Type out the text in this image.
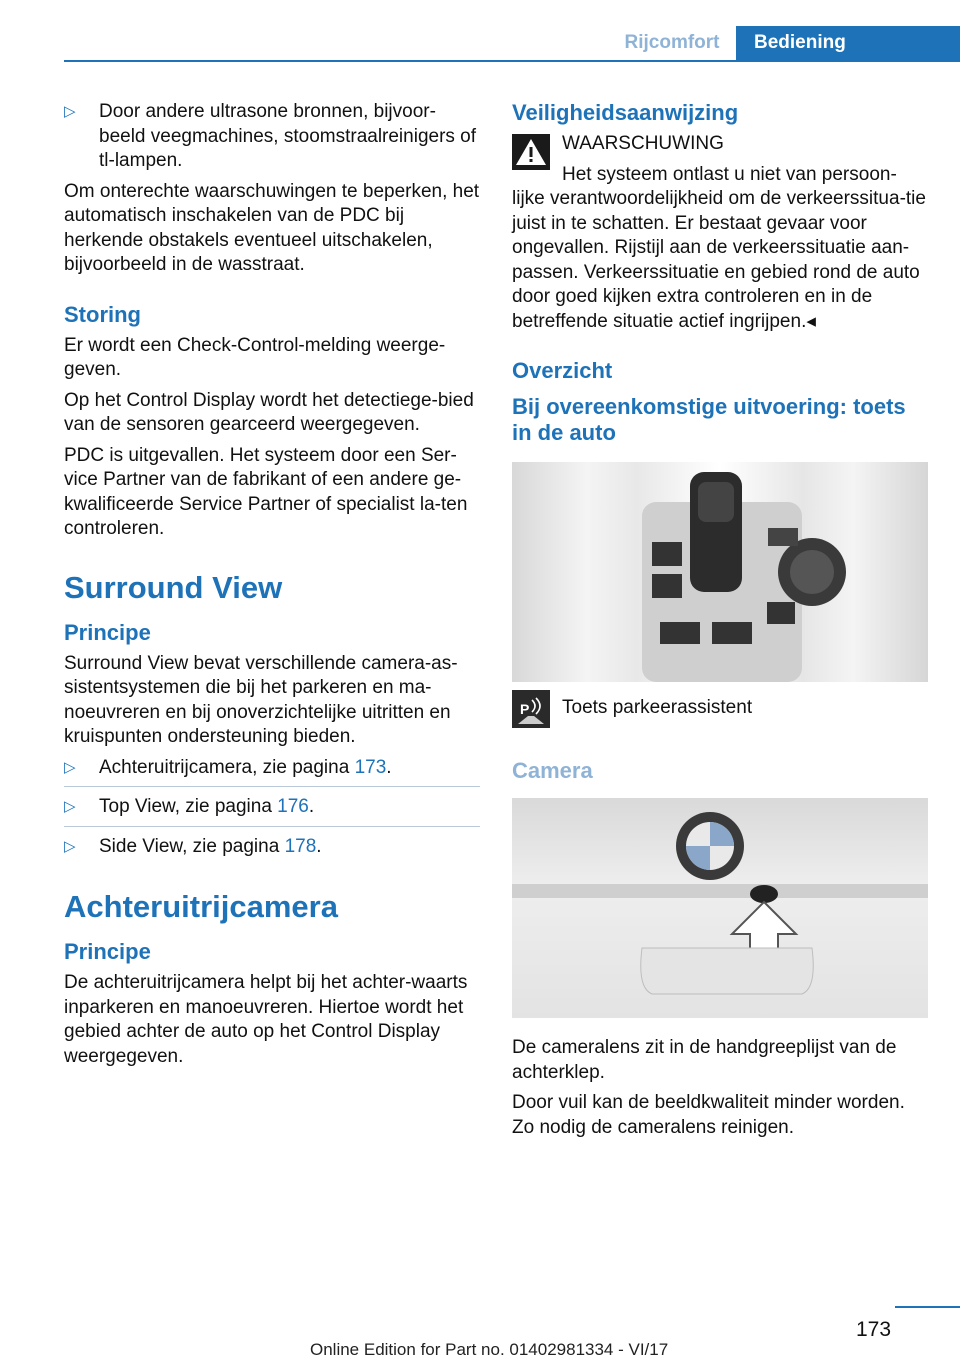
Rijcomfort	Bediening
▷ Door andere ultrasone bronnen, bijvoor-beeld veegmachines, stoomstraalreinigers of tl-lampen.

Om onterechte waarschuwingen te beperken, het automatisch inschakelen van de PDC bij herkende obstakels eventueel uitschakelen, bijvoorbeeld in de wasstraat.

Storing

Er wordt een Check-Control-melding weerge-geven.

Op het Control Display wordt het detectiege-bied van de sensoren gearceerd weergegeven.

PDC is uitgevallen. Het systeem door een Ser-vice Partner van de fabrikant of een andere ge-kwalificeerde Service Partner of specialist la-ten controleren.

Surround View
Principe

Surround View bevat verschillende camera-as-sistentsystemen die bij het parkeren en ma-noeuvreren en bij onoverzichtelijke uitritten en kruispunten ondersteuning bieden.

▷ Achteruitrijcamera, zie pagina 173.
▷ Top View, zie pagina 176.
▷ Side View, zie pagina 178.
Achteruitrijcamera
Principe

De achteruitrijcamera helpt bij het achter-waarts inparkeren en manoeuvreren. Hiertoe wordt het gebied achter de auto op het Control Display weergegeven.

Veiligheidsaanwijzing

WAARSCHUWING

Het systeem ontlast u niet van persoon-

lijke verantwoordelijkheid om de verkeerssitua-tie juist in te schatten. Er bestaat gevaar voor ongevallen. Rijstijl aan de verkeerssituatie aan-passen. Verkeerssituatie en gebied rond de auto door goed kijken extra controleren en in de betreffende situatie actief ingrijpen.◂

Overzicht
Bij overeenkomstige uitvoering: toets in de auto
P	Toets parkeerassistent

Camera

De cameralens zit in de handgreeplijst van de achterklep.

Door vuil kan de beeldkwaliteit minder worden. Zo nodig de cameralens reinigen.

173
Online Edition for Part no. 01402981334 - VI/17
